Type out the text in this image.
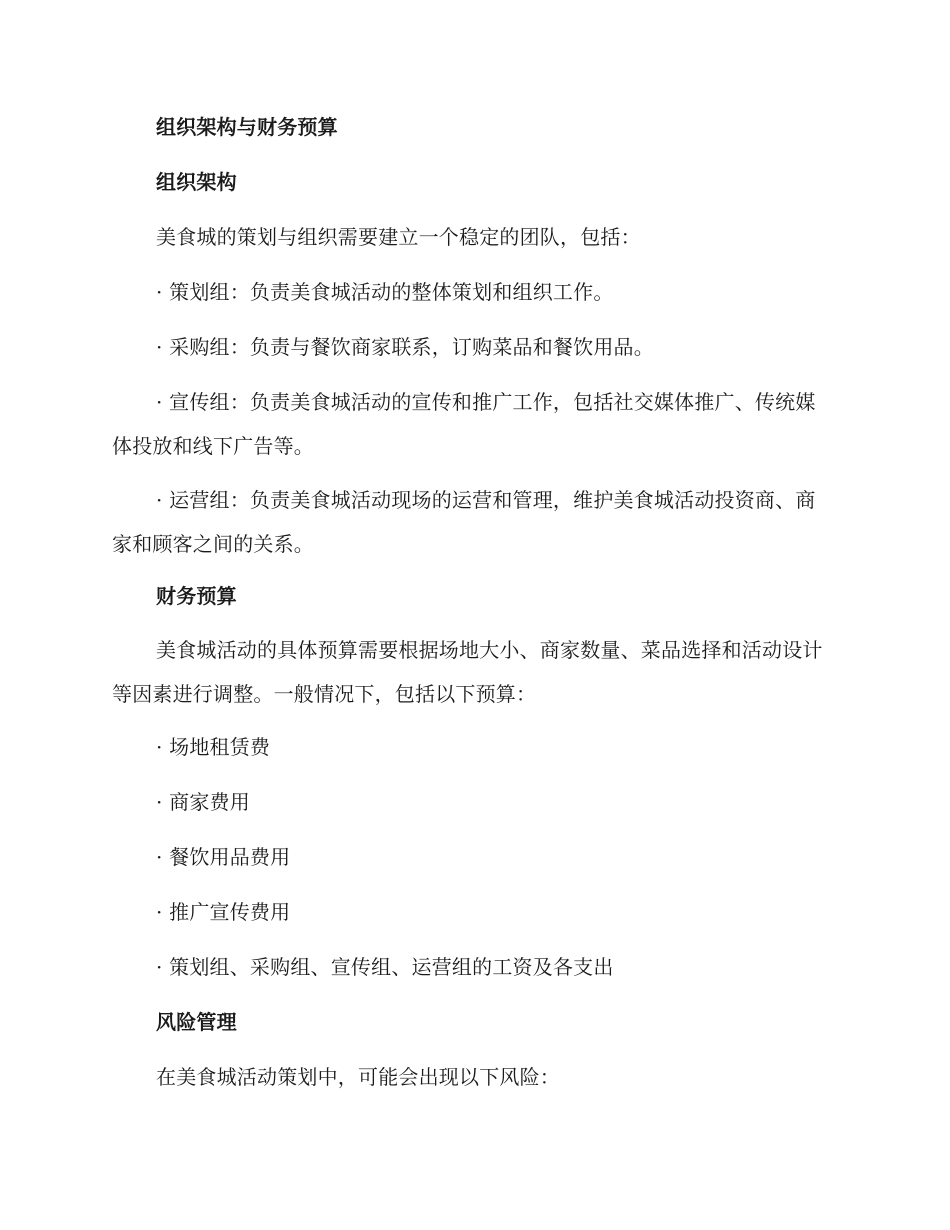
组织架构与财务预算
组织架构

美食城的策划与组织需要建立一个稳定的团队，包括：

· 策划组：负责美食城活动的整体策划和组织工作。

· 采购组：负责与餐饮商家联系，订购菜品和餐饮用品。

· 宣传组：负责美食城活动的宣传和推广工作，包括社交媒体推广、传统媒体投放和线下广告等。

· 运营组：负责美食城活动现场的运营和管理，维护美食城活动投资商、商家和顾客之间的关系。

财务预算

美食城活动的具体预算需要根据场地大小、商家数量、菜品选择和活动设计等因素进行调整。一般情况下，包括以下预算：

· 场地租赁费

· 商家费用

· 餐饮用品费用

· 推广宣传费用

· 策划组、采购组、宣传组、运营组的工资及各支出

风险管理

在美食城活动策划中，可能会出现以下风险：
